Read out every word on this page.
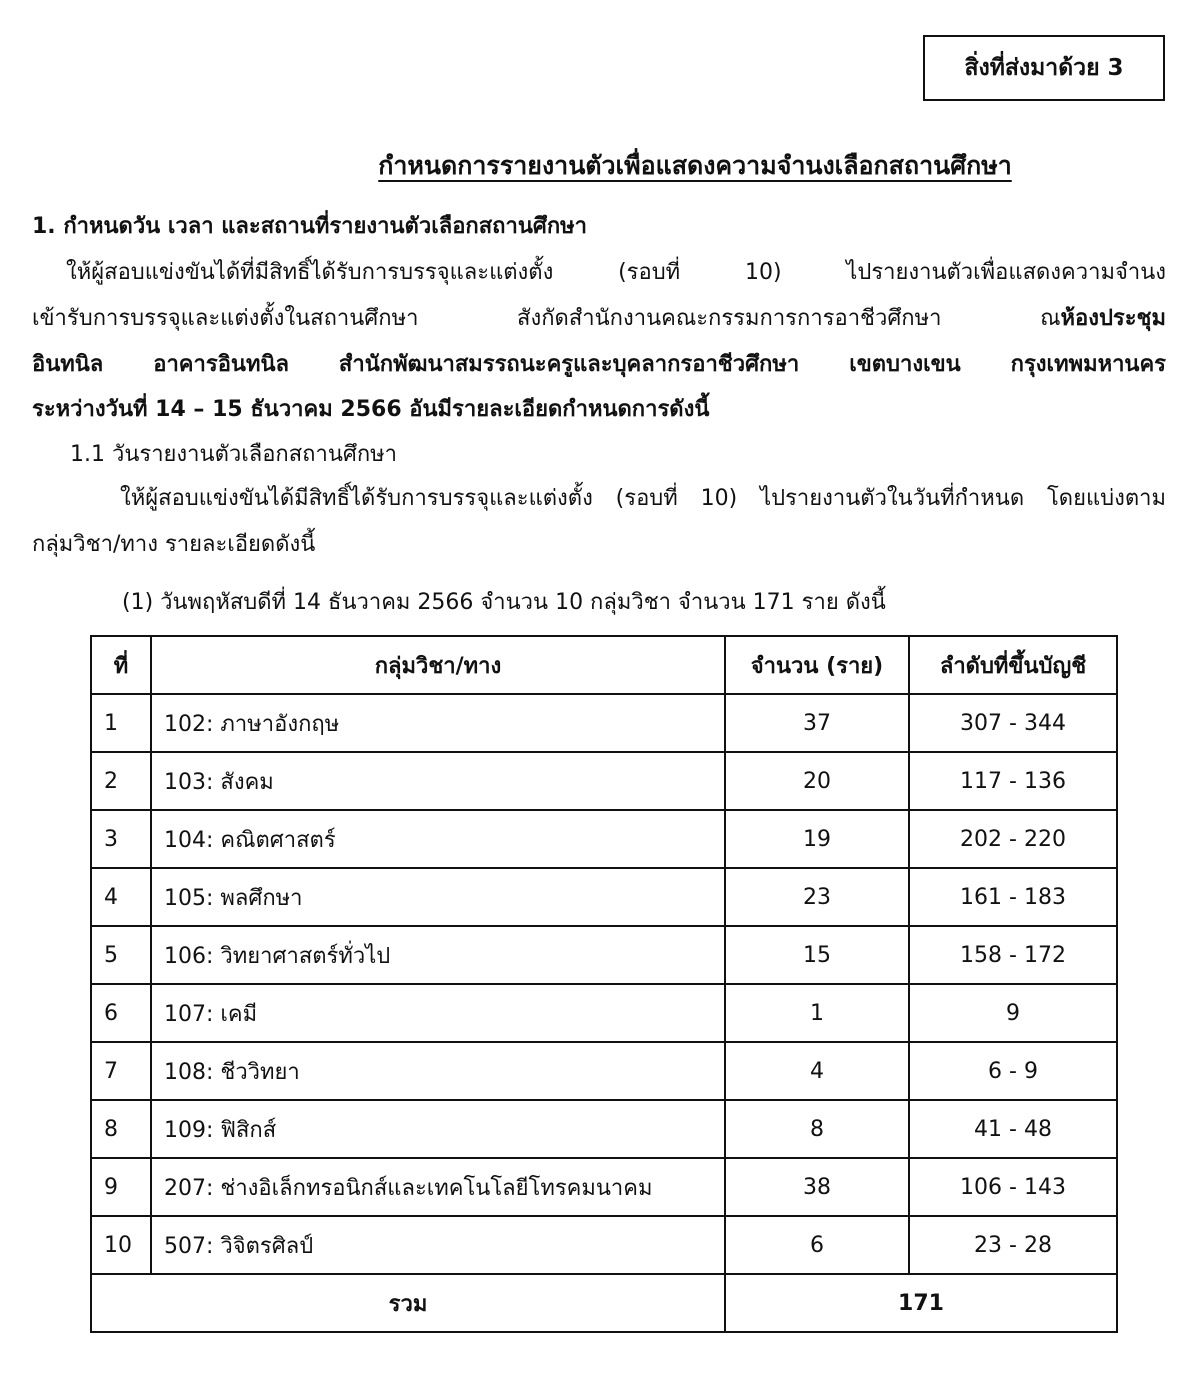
สิ่งที่ส่งมาด้วย 3
กำหนดการรายงานตัวเพื่อแสดงความจำนงเลือกสถานศึกษา
1. กำหนดวัน เวลา และสถานที่รายงานตัวเลือกสถานศึกษา
ให้ผู้สอบแข่งขันได้ที่มีสิทธิ์ได้รับการบรรจุและแต่งตั้ง (รอบที่ 10) ไปรายงานตัวเพื่อแสดงความจำนง
เข้ารับการบรรจุและแต่งตั้งในสถานศึกษา สังกัดสำนักงานคณะกรรมการการอาชีวศึกษา ณ ห้องประชุม
อินทนิล อาคารอินทนิล สำนักพัฒนาสมรรถนะครูและบุคลากรอาชีวศึกษา เขตบางเขน กรุงเทพมหานคร
ระหว่างวันที่ 14 – 15 ธันวาคม 2566 อันมีรายละเอียดกำหนดการดังนี้
1.1 วันรายงานตัวเลือกสถานศึกษา
ให้ผู้สอบแข่งขันได้มีสิทธิ์ได้รับการบรรจุและแต่งตั้ง (รอบที่ 10) ไปรายงานตัวในวันที่กำหนด โดยแบ่งตาม
กลุ่มวิชา/ทาง รายละเอียดดังนี้
(1) วันพฤหัสบดีที่ 14 ธันวาคม 2566 จำนวน 10 กลุ่มวิชา จำนวน 171 ราย ดังนี้
ที่	กลุ่มวิชา/ทาง	จำนวน (ราย)	ลำดับที่ขึ้นบัญชี
1	102: ภาษาอังกฤษ	37	307 - 344
2	103: สังคม	20	117 - 136
3	104: คณิตศาสตร์	19	202 - 220
4	105: พลศึกษา	23	161 - 183
5	106: วิทยาศาสตร์ทั่วไป	15	158 - 172
6	107: เคมี	1	9
7	108: ชีววิทยา	4	6 - 9
8	109: ฟิสิกส์	8	41 - 48
9	207: ช่างอิเล็กทรอนิกส์และเทคโนโลยีโทรคมนาคม	38	106 - 143
10	507: วิจิตรศิลป์	6	23 - 28
รวม		171	
